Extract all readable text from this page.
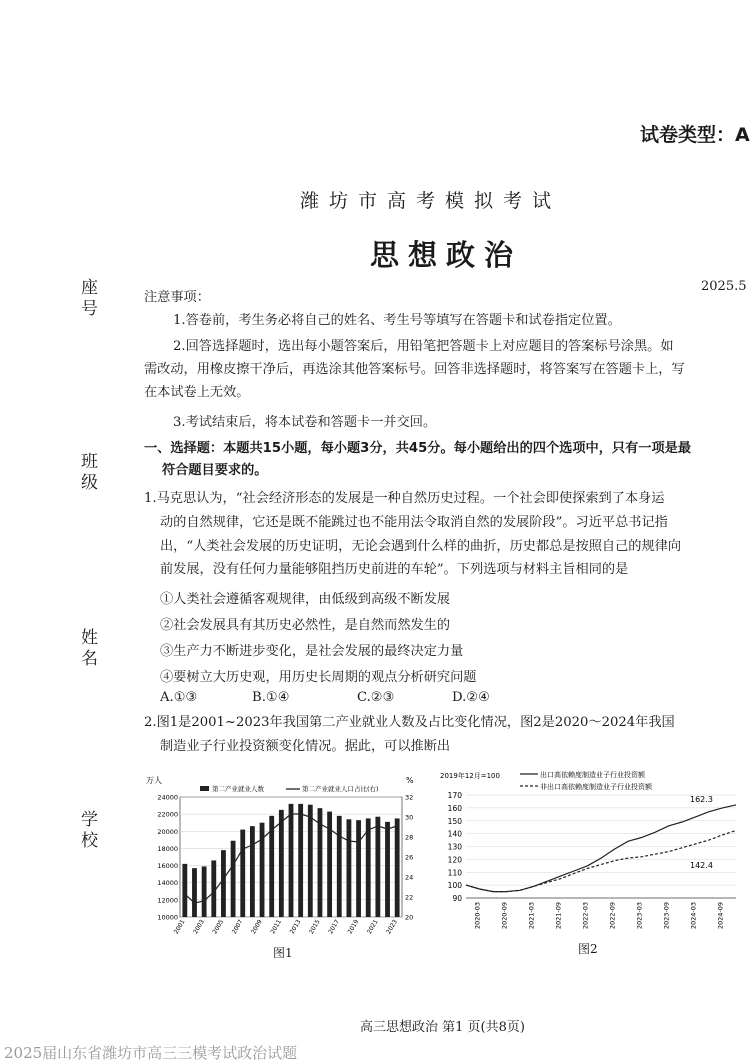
试卷类型：A
潍坊市高考模拟考试
思想政治
2025.5
座号
班级
姓名
学校
注意事项：
1.答卷前，考生务必将自己的姓名、考生号等填写在答题卡和试卷指定位置。
2.回答选择题时，选出每小题答案后，用铅笔把答题卡上对应题目的答案标号涂黑。如
需改动，用橡皮擦干净后，再选涂其他答案标号。回答非选择题时，将答案写在答题卡上，写
在本试卷上无效。
3.考试结束后，将本试卷和答题卡一并交回。
一、选择题：本题共15小题，每小题3分，共45分。每小题给出的四个选项中，只有一项是最
符合题目要求的。
1.马克思认为，“社会经济形态的发展是一种自然历史过程。一个社会即使探索到了本身运
动的自然规律，它还是既不能跳过也不能用法令取消自然的发展阶段”。习近平总书记指
出，“人类社会发展的历史证明，无论会遇到什么样的曲折，历史都总是按照自己的规律向
前发展，没有任何力量能够阻挡历史前进的车轮”。下列选项与材料主旨相同的是
①人类社会遵循客观规律，由低级到高级不断发展
②社会发展具有其历史必然性，是自然而然发生的
③生产力不断进步变化，是社会发展的最终决定力量
④要树立大历史观，用历史长周期的观点分析研究问题
A.①③	B.①④	C.②③	D.②④
2.图1是2001~2023年我国第二产业就业人数及占比变化情况，图2是2020～2024年我国
制造业子行业投资额变化情况。据此，可以推断出
万人	%
第二产业就业人数	第二产业就业人口占比(右)
24000
22000
20000
18000
16000
14000
12000
10000
32
30
28
26
24
22
20
2001 2003 2005 2007 2009 2011 2013 2015 2017 2019 2021 2023
图1
2019年12月=100	出口高依赖度制造业子行业投资额
非出口高依赖度制造业子行业投资额
162.3
142.4
170
160
150
140
130
120
110
100
90
2020-03	2020-09	2021-03	2021-09	2022-03	2022-09	2023-03	2023-09	2024-03	2024-09
图2
高三思想政治 第1 页(共8页)
2025届山东省潍坊市高三三模考试政治试题
